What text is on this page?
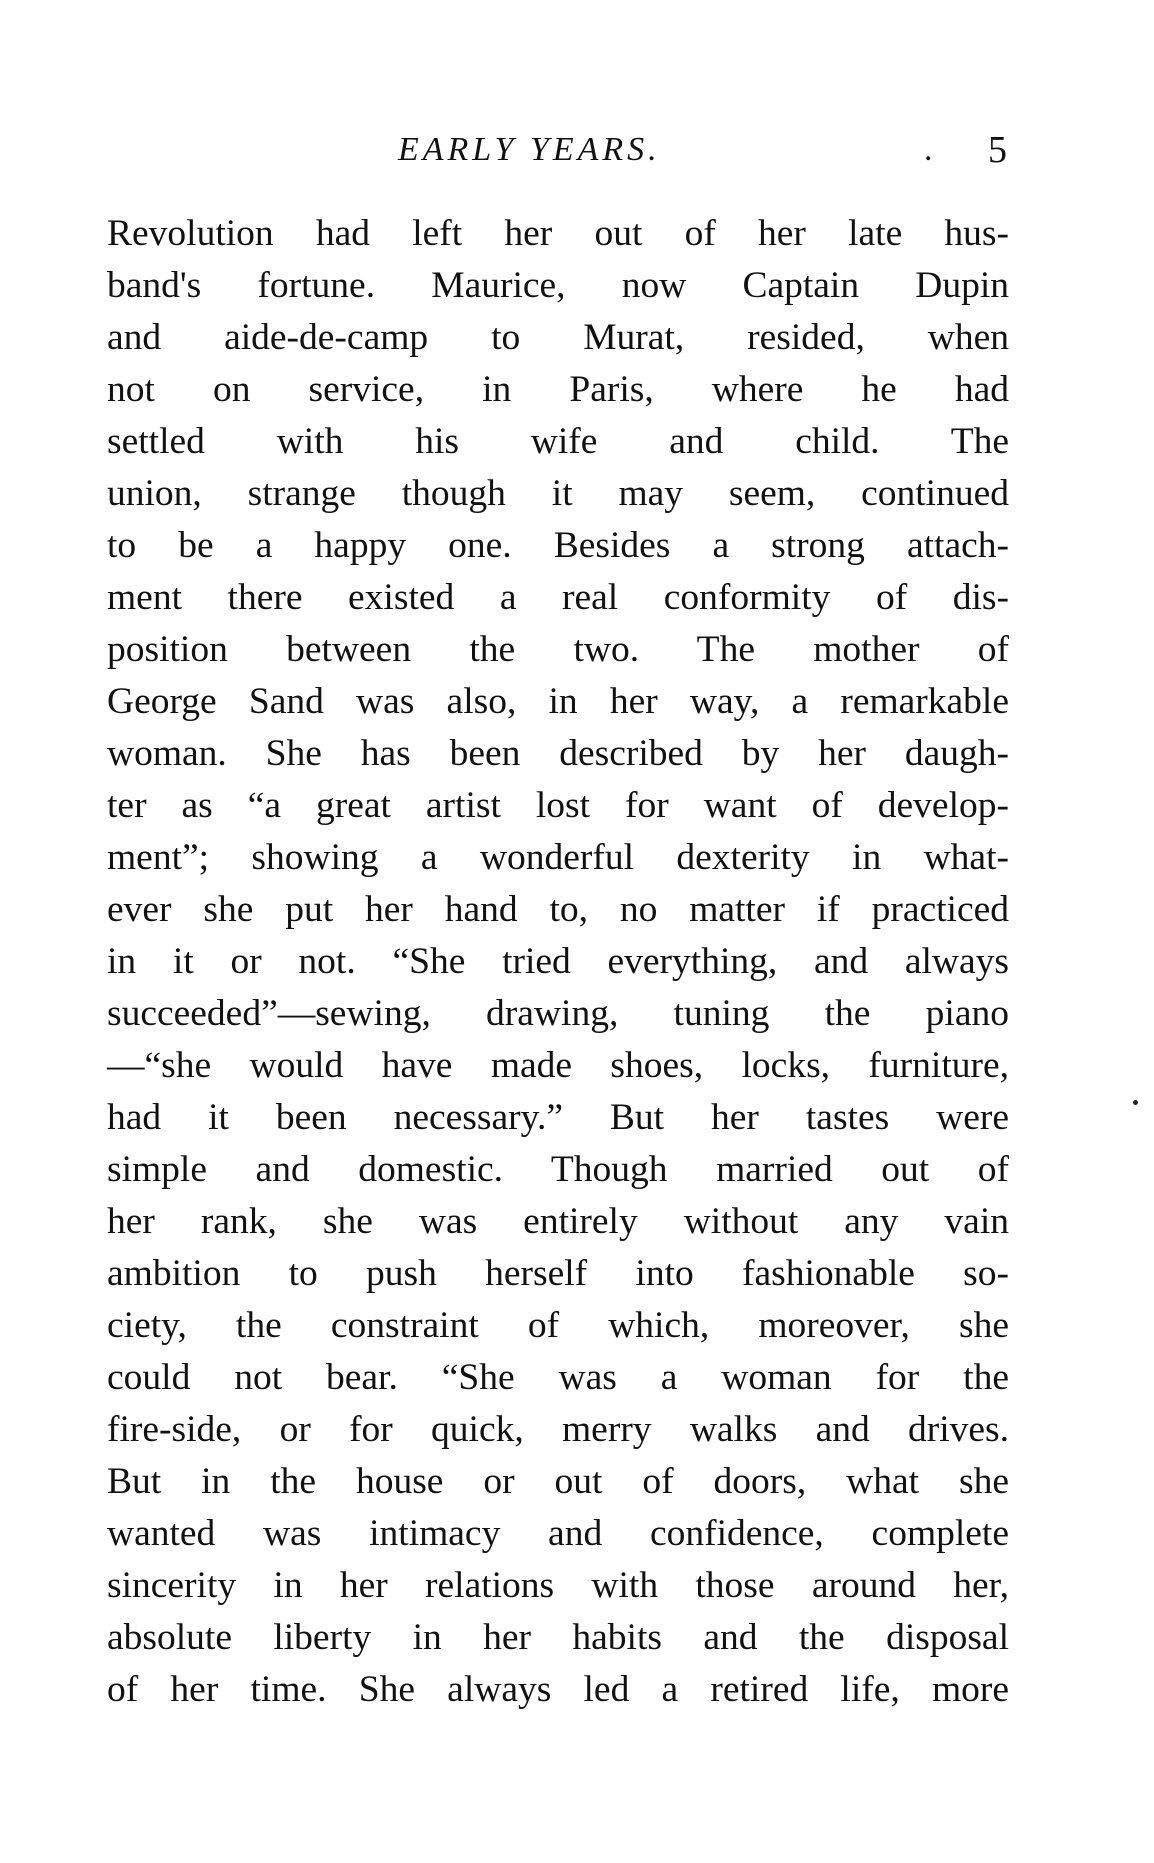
EARLY YEARS.	. 5
Revolution had left her out of her late hus-
band's fortune. Maurice, now Captain Dupin
and aide-de-camp to Murat, resided, when
not on service, in Paris, where he had
settled with his wife and child. The
union, strange though it may seem, continued
to be a happy one. Besides a strong attach-
ment there existed a real conformity of dis-
position between the two. The mother of
George Sand was also, in her way, a remarkable
woman. She has been described by her daugh-
ter as “a great artist lost for want of develop-
ment”; showing a wonderful dexterity in what-
ever she put her hand to, no matter if practiced
in it or not. “She tried everything, and always
succeeded”—sewing, drawing, tuning the piano
—“she would have made shoes, locks, furniture,
had it been necessary.” But her tastes were
simple and domestic. Though married out of
her rank, she was entirely without any vain
ambition to push herself into fashionable so-
ciety, the constraint of which, moreover, she
could not bear. “She was a woman for the
fire-side, or for quick, merry walks and drives.
But in the house or out of doors, what she
wanted was intimacy and confidence, complete
sincerity in her relations with those around her,
absolute liberty in her habits and the disposal
of her time. She always led a retired life, more
